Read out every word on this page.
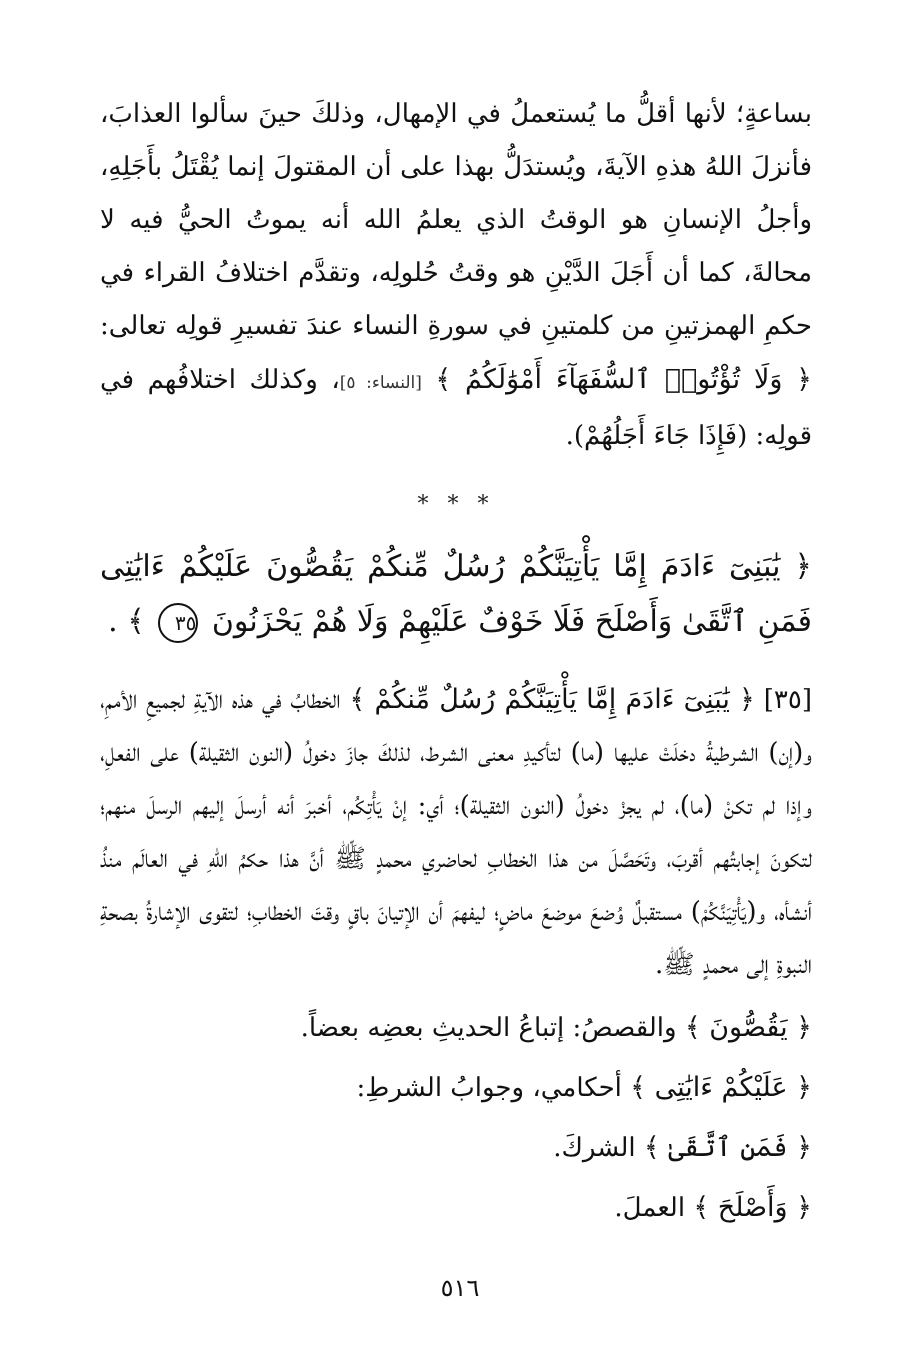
بساعةٍ؛ لأنها أقلُّ ما يُستعملُ في الإمهال، وذلكَ حينَ سألوا العذابَ، فأنزلَ اللهُ هذهِ الآيةَ، ويُستدَلُّ بهذا على أن المقتولَ إنما يُقْتَلُ بأَجَلِهِ، وأجلُ الإنسانِ هو الوقتُ الذي يعلمُ الله أنه يموتُ الحيُّ فيه لا محالةَ، كما أن أَجَلَ الدَّيْنِ هو وقتُ حُلولِه، وتقدَّم اختلافُ القراء في حكمِ الهمزتينِ من كلمتينِ في سورةِ النساء عندَ تفسيرِ قولِه تعالى: ﴿ وَلَا تُؤْتُوا۟ ٱلسُّفَهَآءَ أَمْوَٰلَكُمُ ﴾ [النساء: ٥]، وكذلك اختلافُهم في قولِه: (فَإِذَا جَاءَ أَجَلُهُمْ).

* * *

﴿ يَٰبَنِىٓ ءَادَمَ إِمَّا يَأْتِيَنَّكُمْ رُسُلٌ مِّنكُمْ يَقُصُّونَ عَلَيْكُمْ ءَايَٰتِى فَمَنِ ٱتَّقَىٰ وَأَصْلَحَ فَلَا خَوْفٌ عَلَيْهِمْ وَلَا هُمْ يَحْزَنُونَ ٣٥ ﴾ .

[٣٥] ﴿ يَٰبَنِىٓ ءَادَمَ إِمَّا يَأْتِيَنَّكُمْ رُسُلٌ مِّنكُمْ ﴾ الخطابُ في هذه الآيةِ لجميعِ الأممِ، و(إن) الشرطيةُ دخلَتْ عليها (ما) لتأكيدِ معنى الشرط، لذلكَ جازَ دخولُ (النون الثقيلة) على الفعلِ، وإذا لم تكنْ (ما)، لم يجزْ دخولُ (النون الثقيلة)؛ أي: إنْ يَأْتِكُم، أخبرَ أنه أرسلَ إليهم الرسلَ منهم؛ لتكونَ إجابتُهم أقربَ، وتَحَصَّلَ من هذا الخطابِ لحاضري محمدٍ ﷺ أنَّ هذا حكمُ اللهِ في العالَم منذُ أنشأه، و(يَأْتِيَنَّكُمْ) مستقبلٌ وُضعَ موضعَ ماضٍ؛ ليفهمَ أن الإتيانَ باقٍ وقتَ الخطابِ؛ لتقوى الإشارةُ بصحةِ النبوةِ إلى محمدٍ ﷺ.

﴿ يَقُصُّونَ ﴾ والقصصُ: إتباعُ الحديثِ بعضِه بعضاً.

﴿ عَلَيْكُمْ ءَايَٰتِى ﴾ أحكامي، وجوابُ الشرطِ:

﴿ فَمَنِ ٱتَّقَىٰ ﴾ الشركَ.

﴿ وَأَصْلَحَ ﴾ العملَ.

٥١٦
